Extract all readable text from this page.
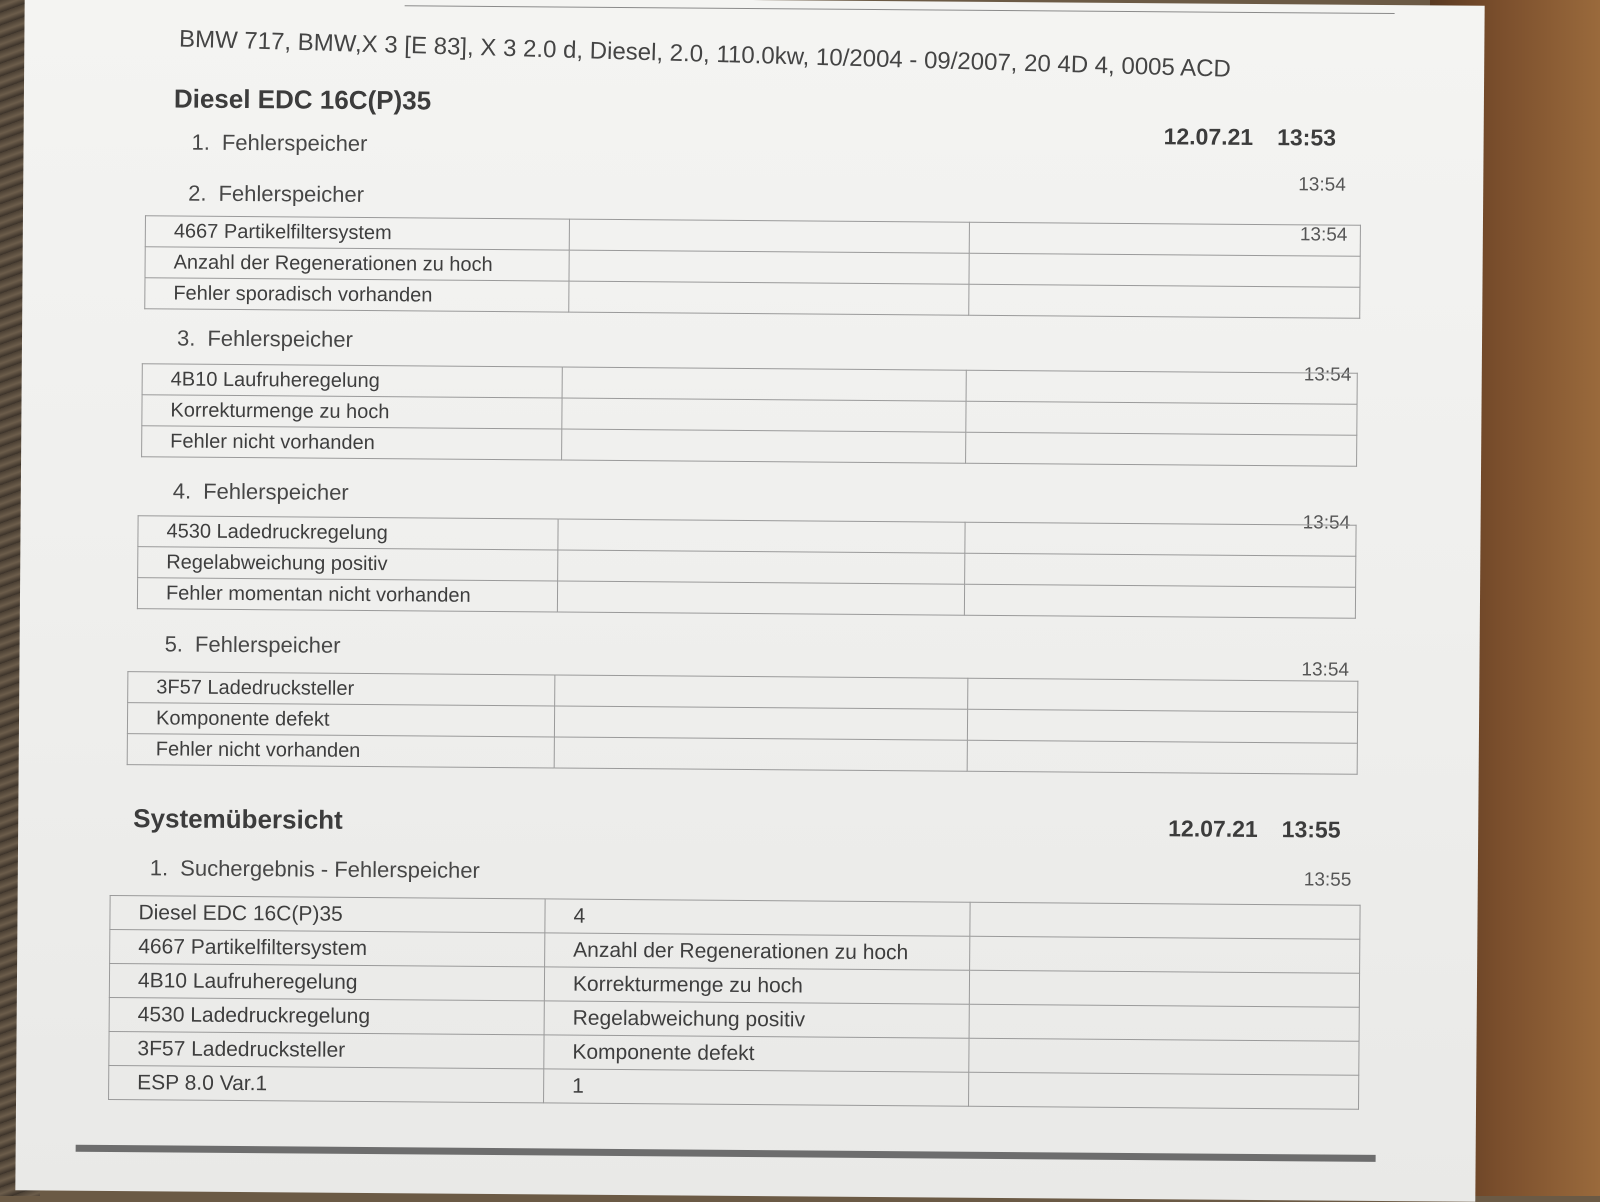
BMW 717, BMW,X 3 [E 83], X 3 2.0 d, Diesel, 2.0, 110.0kw, 10/2004 - 09/2007, 20 4D 4, 0005 ACD
Diesel EDC 16C(P)35
12.07.21 13:53
1. Fehlerspeicher
13:54
2. Fehlerspeicher
13:54
4667 Partikelfiltersystem		
Anzahl der Regenerationen zu hoch		
Fehler sporadisch vorhanden		
3. Fehlerspeicher
13:54
4B10 Laufruheregelung		
Korrekturmenge zu hoch		
Fehler nicht vorhanden		
4. Fehlerspeicher
13:54
4530 Ladedruckregelung		
Regelabweichung positiv		
Fehler momentan nicht vorhanden		
5. Fehlerspeicher
13:54
3F57 Ladedrucksteller		
Komponente defekt		
Fehler nicht vorhanden		
Systemübersicht	12.07.21 13:55
1. Suchergebnis - Fehlerspeicher	13:55
Diesel EDC 16C(P)35	4	
4667 Partikelfiltersystem	Anzahl der Regenerationen zu hoch	
4B10 Laufruheregelung	Korrekturmenge zu hoch	
4530 Ladedruckregelung	Regelabweichung positiv	
3F57 Ladedrucksteller	Komponente defekt	
ESP 8.0 Var.1	1	
